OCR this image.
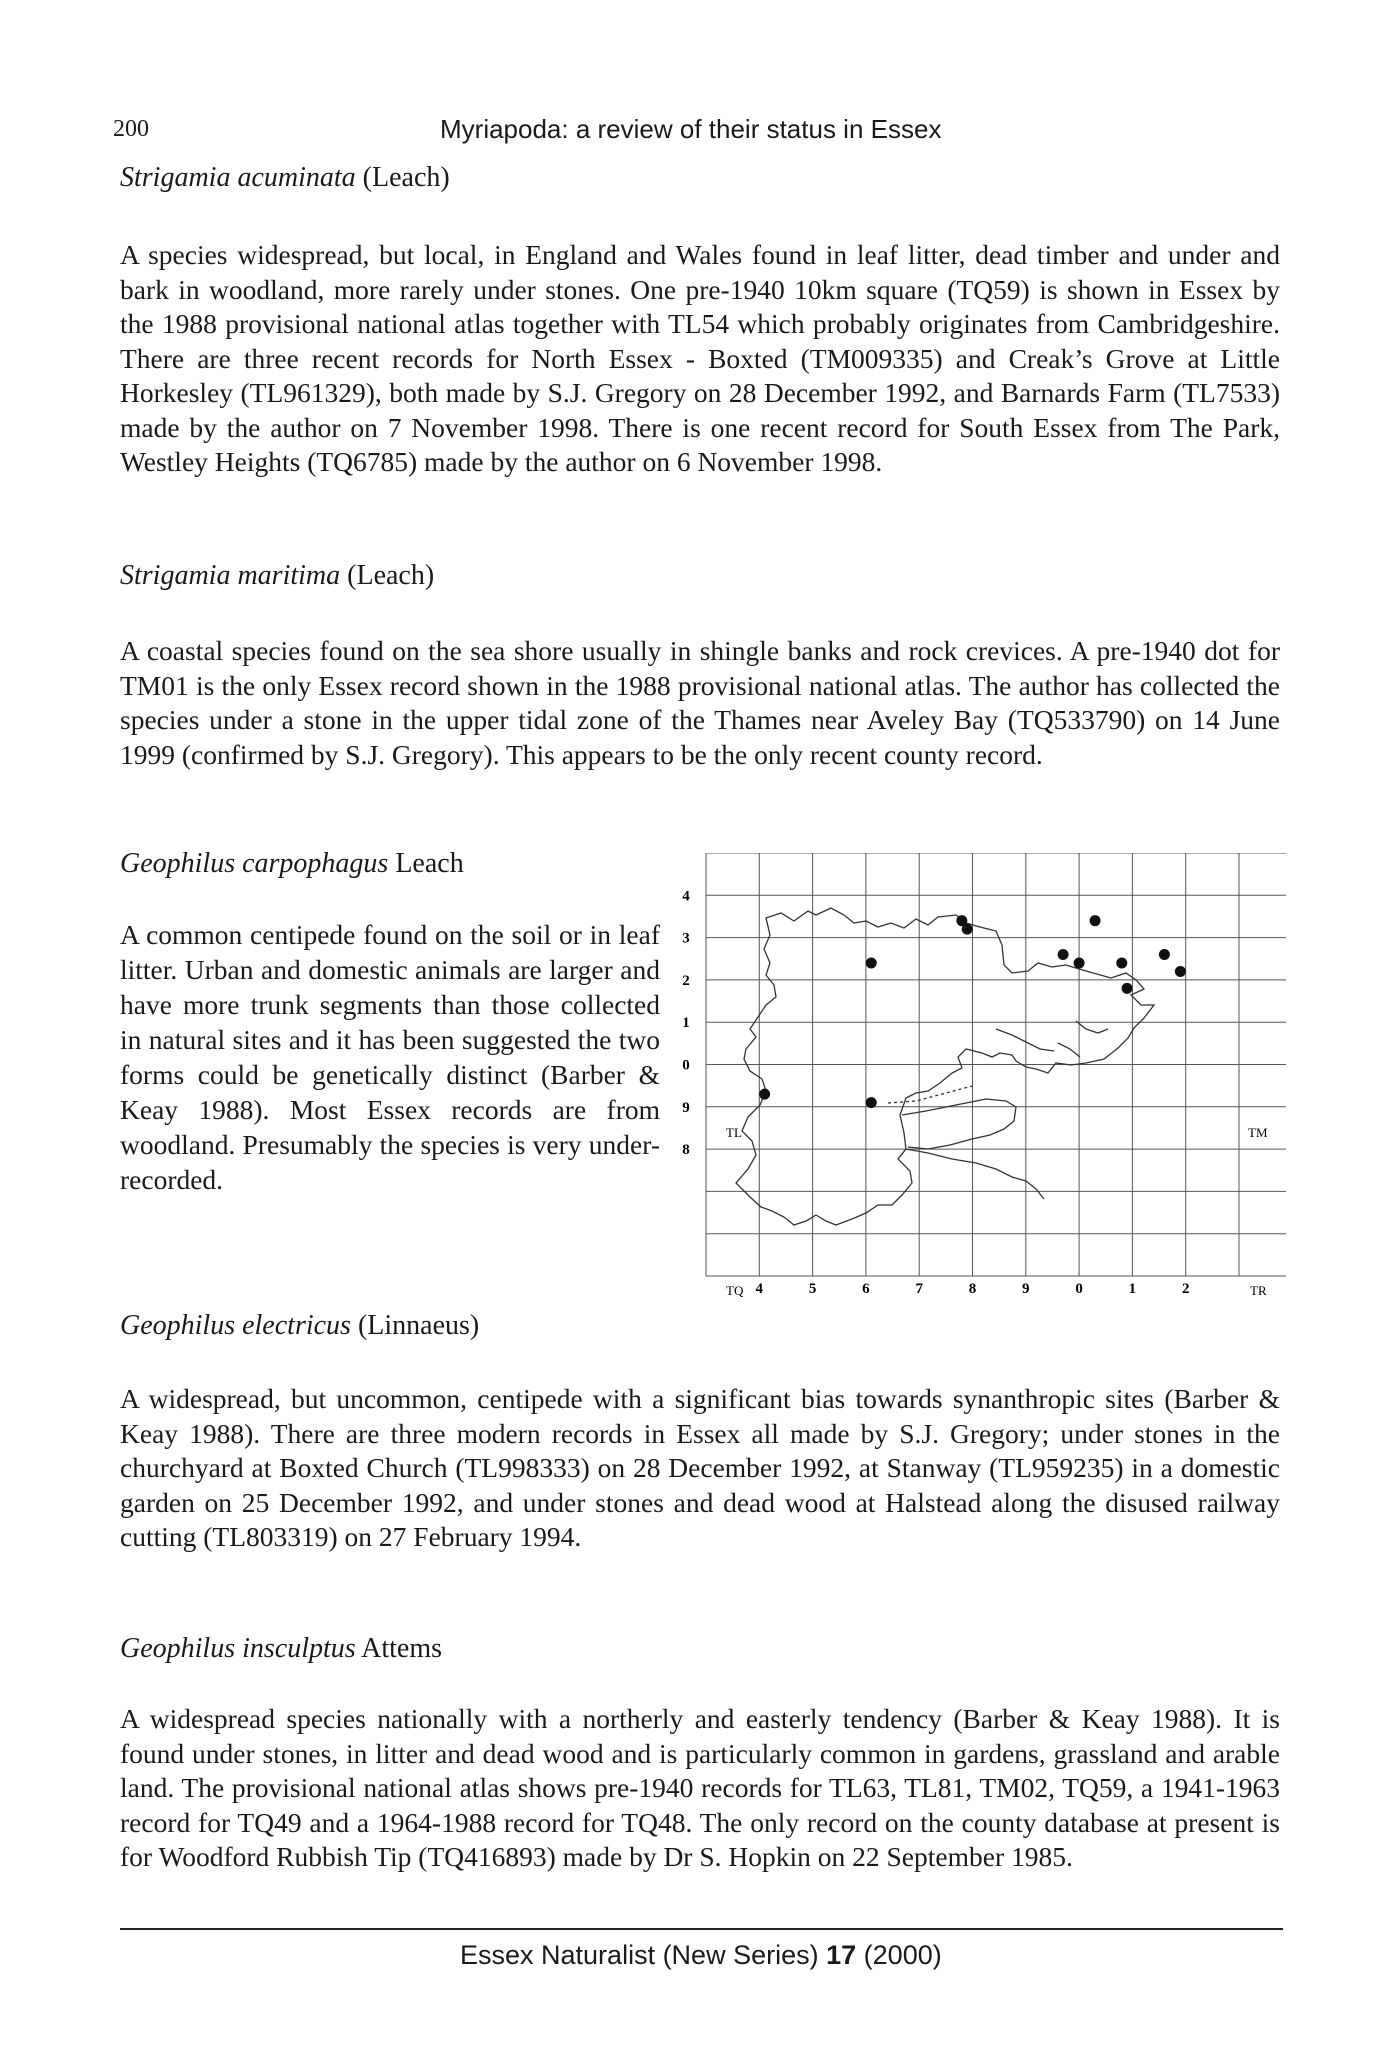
200	Myriapoda: a review of their status in Essex
Strigamia acuminata (Leach)

A species widespread, but local, in England and Wales found in leaf litter, dead timber and under and bark in woodland, more rarely under stones. One pre-1940 10km square (TQ59) is shown in Essex by the 1988 provisional national atlas together with TL54 which probably originates from Cambridgeshire. There are three recent records for North Essex - Boxted (TM009335) and Creak’s Grove at Little Horkesley (TL961329), both made by S.J. Gregory on 28 December 1992, and Barnards Farm (TL7533) made by the author on 7 November 1998. There is one recent record for South Essex from The Park, Westley Heights (TQ6785) made by the author on 6 November 1998.

Strigamia maritima (Leach)

A coastal species found on the sea shore usually in shingle banks and rock crevices. A pre-1940 dot for TM01 is the only Essex record shown in the 1988 provisional national atlas. The author has collected the species under a stone in the upper tidal zone of the Thames near Aveley Bay (TQ533790) on 14 June 1999 (confirmed by S.J. Gregory). This appears to be the only recent county record.

Geophilus carpophagus Leach

A common centipede found on the soil or in leaf litter. Urban and domestic animals are larger and have more trunk segments than those collected in natural sites and it has been suggested the two forms could be genetically distinct (Barber & Keay 1988). Most Essex records are from woodland. Presumably the species is very under-recorded.

4	5	6	7	8	9	0	1	2
4
3
2
1
0
9
8
TL	TM
TQ	TR
Geophilus electricus (Linnaeus)

A widespread, but uncommon, centipede with a significant bias towards synanthropic sites (Barber & Keay 1988). There are three modern records in Essex all made by S.J. Gregory; under stones in the churchyard at Boxted Church (TL998333) on 28 December 1992, at Stanway (TL959235) in a domestic garden on 25 December 1992, and under stones and dead wood at Halstead along the disused railway cutting (TL803319) on 27 February 1994.

Geophilus insculptus Attems

A widespread species nationally with a northerly and easterly tendency (Barber & Keay 1988). It is found under stones, in litter and dead wood and is particularly common in gardens, grassland and arable land. The provisional national atlas shows pre-1940 records for TL63, TL81, TM02, TQ59, a 1941-1963 record for TQ49 and a 1964-1988 record for TQ48. The only record on the county database at present is for Woodford Rubbish Tip (TQ416893) made by Dr S. Hopkin on 22 September 1985.

Essex Naturalist (New Series) 17 (2000)
